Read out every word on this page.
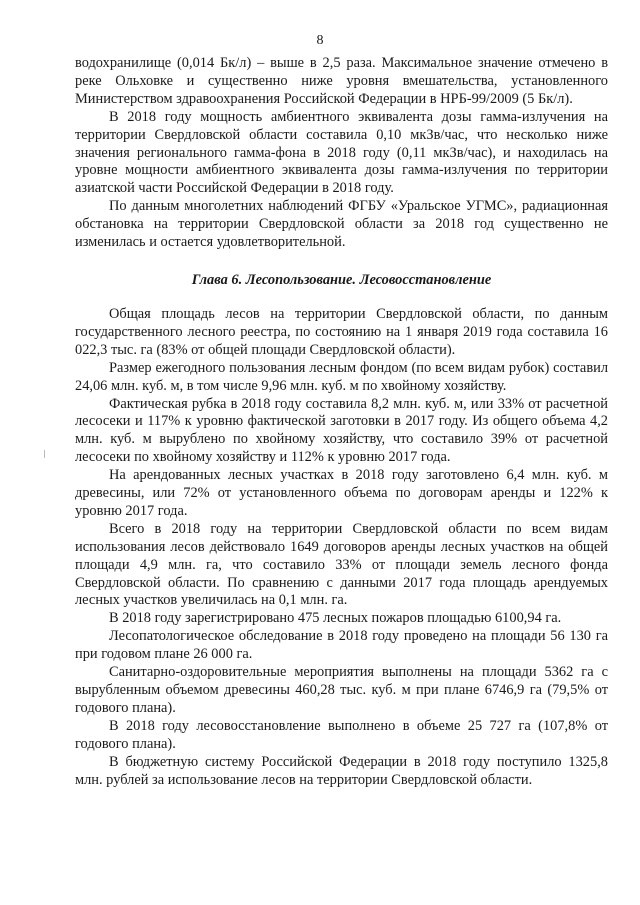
8

водохранилище (0,014 Бк/л) – выше в 2,5 раза. Максимальное значение отмечено в реке Ольховке и существенно ниже уровня вмешательства, установленного Министерством здравоохранения Российской Федерации в НРБ-99/2009 (5 Бк/л).

В 2018 году мощность амбиентного эквивалента дозы гамма-излучения на территории Свердловской области составила 0,10 мкЗв/час, что несколько ниже значения регионального гамма-фона в 2018 году (0,11 мкЗв/час), и находилась на уровне мощности амбиентного эквивалента дозы гамма-излучения по территории азиатской части Российской Федерации в 2018 году.

По данным многолетних наблюдений ФГБУ «Уральское УГМС», радиационная обстановка на территории Свердловской области за 2018 год существенно не изменилась и остается удовлетворительной.

Глава 6. Лесопользование. Лесовосстановление

Общая площадь лесов на территории Свердловской области, по данным государственного лесного реестра, по состоянию на 1 января 2019 года составила 16 022,3 тыс. га (83% от общей площади Свердловской области).

Размер ежегодного пользования лесным фондом (по всем видам рубок) составил 24,06 млн. куб. м, в том числе 9,96 млн. куб. м по хвойному хозяйству.

Фактическая рубка в 2018 году составила 8,2 млн. куб. м, или 33% от расчетной лесосеки и 117% к уровню фактической заготовки в 2017 году. Из общего объема 4,2 млн. куб. м вырублено по хвойному хозяйству, что составило 39% от расчетной лесосеки по хвойному хозяйству и 112% к уровню 2017 года.

На арендованных лесных участках в 2018 году заготовлено 6,4 млн. куб. м древесины, или 72% от установленного объема по договорам аренды и 122% к уровню 2017 года.

Всего в 2018 году на территории Свердловской области по всем видам использования лесов действовало 1649 договоров аренды лесных участков на общей площади 4,9 млн. га, что составило 33% от площади земель лесного фонда Свердловской области. По сравнению с данными 2017 года площадь арендуемых лесных участков увеличилась на 0,1 млн. га.

В 2018 году зарегистрировано 475 лесных пожаров площадью 6100,94 га.

Лесопатологическое обследование в 2018 году проведено на площади 56 130 га при годовом плане 26 000 га.

Санитарно-оздоровительные мероприятия выполнены на площади 5362 га с вырубленным объемом древесины 460,28 тыс. куб. м при плане 6746,9 га (79,5% от годового плана).

В 2018 году лесовосстановление выполнено в объеме 25 727 га (107,8% от годового плана).

В бюджетную систему Российской Федерации в 2018 году поступило 1325,8 млн. рублей за использование лесов на территории Свердловской области.
